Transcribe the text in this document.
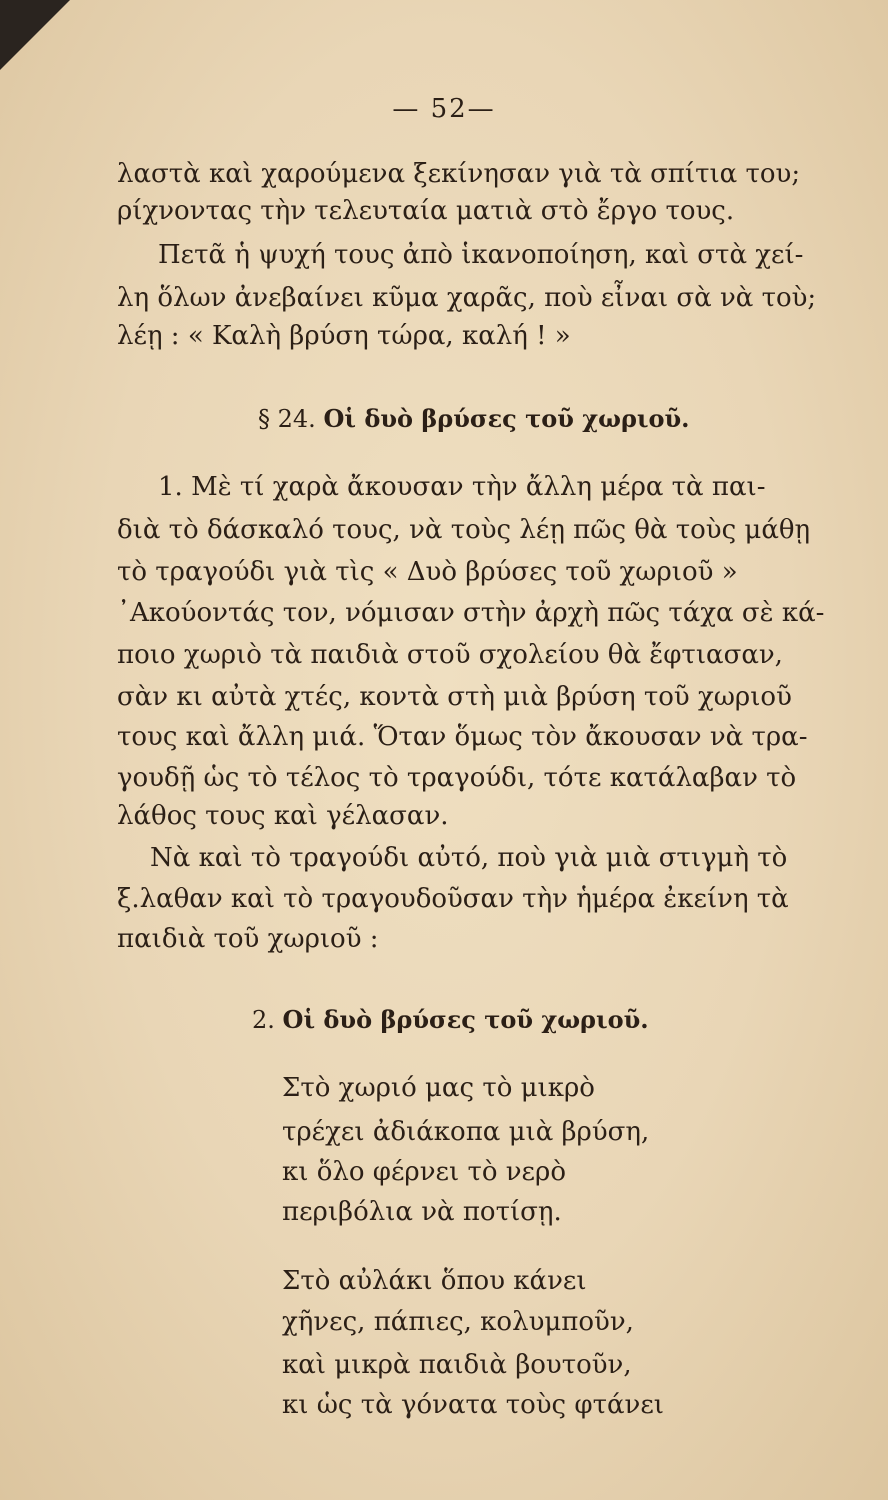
— 52—
λαστὰ καὶ χαρούμενα ξεκίνησαν γιὰ τὰ σπίτια του;
ρίχνοντας τὴν τελευταία ματιὰ στὸ ἔργο τους.
Πετᾶ ἡ ψυχή τους ἀπὸ ἱκανοποίηση, καὶ στὰ χεί-
λη ὅλων ἀνεβαίνει κῦμα χαρᾶς, ποὺ εἶναι σὰ νὰ τοὺ;
λέῃ : « Καλὴ βρύση τώρα, καλή ! »
§ 24. Οἱ δυὸ βρύσες τοῦ χωριοῦ.
1. Μὲ τί χαρὰ ἄκουσαν τὴν ἄλλη μέρα τὰ παι-
διὰ τὸ δάσκαλό τους, νὰ τοὺς λέῃ πῶς θὰ τοὺς μάθῃ
τὸ τραγούδι γιὰ τὶς « Δυὸ βρύσες τοῦ χωριοῦ »
᾿Ακούοντάς τον, νόμισαν στὴν ἀρχὴ πῶς τάχα σὲ κά-
ποιο χωριὸ τὰ παιδιὰ στοῦ σχολείου θὰ ἔφτιασαν,
σὰν κι αὐτὰ χτές, κοντὰ στὴ μιὰ βρύση τοῦ χωριοῦ
τους καὶ ἄλλη μιά. Ὅταν ὅμως τὸν ἄκουσαν νὰ τρα-
γουδῇ ὡς τὸ τέλος τὸ τραγούδι, τότε κατάλαβαν τὸ
λάθος τους καὶ γέλασαν.
Νὰ καὶ τὸ τραγούδι αὐτό, ποὺ γιὰ μιὰ στιγμὴ τὸ
ξ.λαθαν καὶ τὸ τραγουδοῦσαν τὴν ἡμέρα ἐκείνη τὰ
παιδιὰ τοῦ χωριοῦ :
2. Οἱ δυὸ βρύσες τοῦ χωριοῦ.
Στὸ χωριό μας τὸ μικρὸ
τρέχει ἀδιάκοπα μιὰ βρύση,
κι ὅλο φέρνει τὸ νερὸ
περιβόλια νὰ ποτίσῃ.
Στὸ αὐλάκι ὅπου κάνει
χῆνες, πάπιες, κολυμποῦν,
καὶ μικρὰ παιδιὰ βουτοῦν,
κι ὡς τὰ γόνατα τοὺς φτάνει
